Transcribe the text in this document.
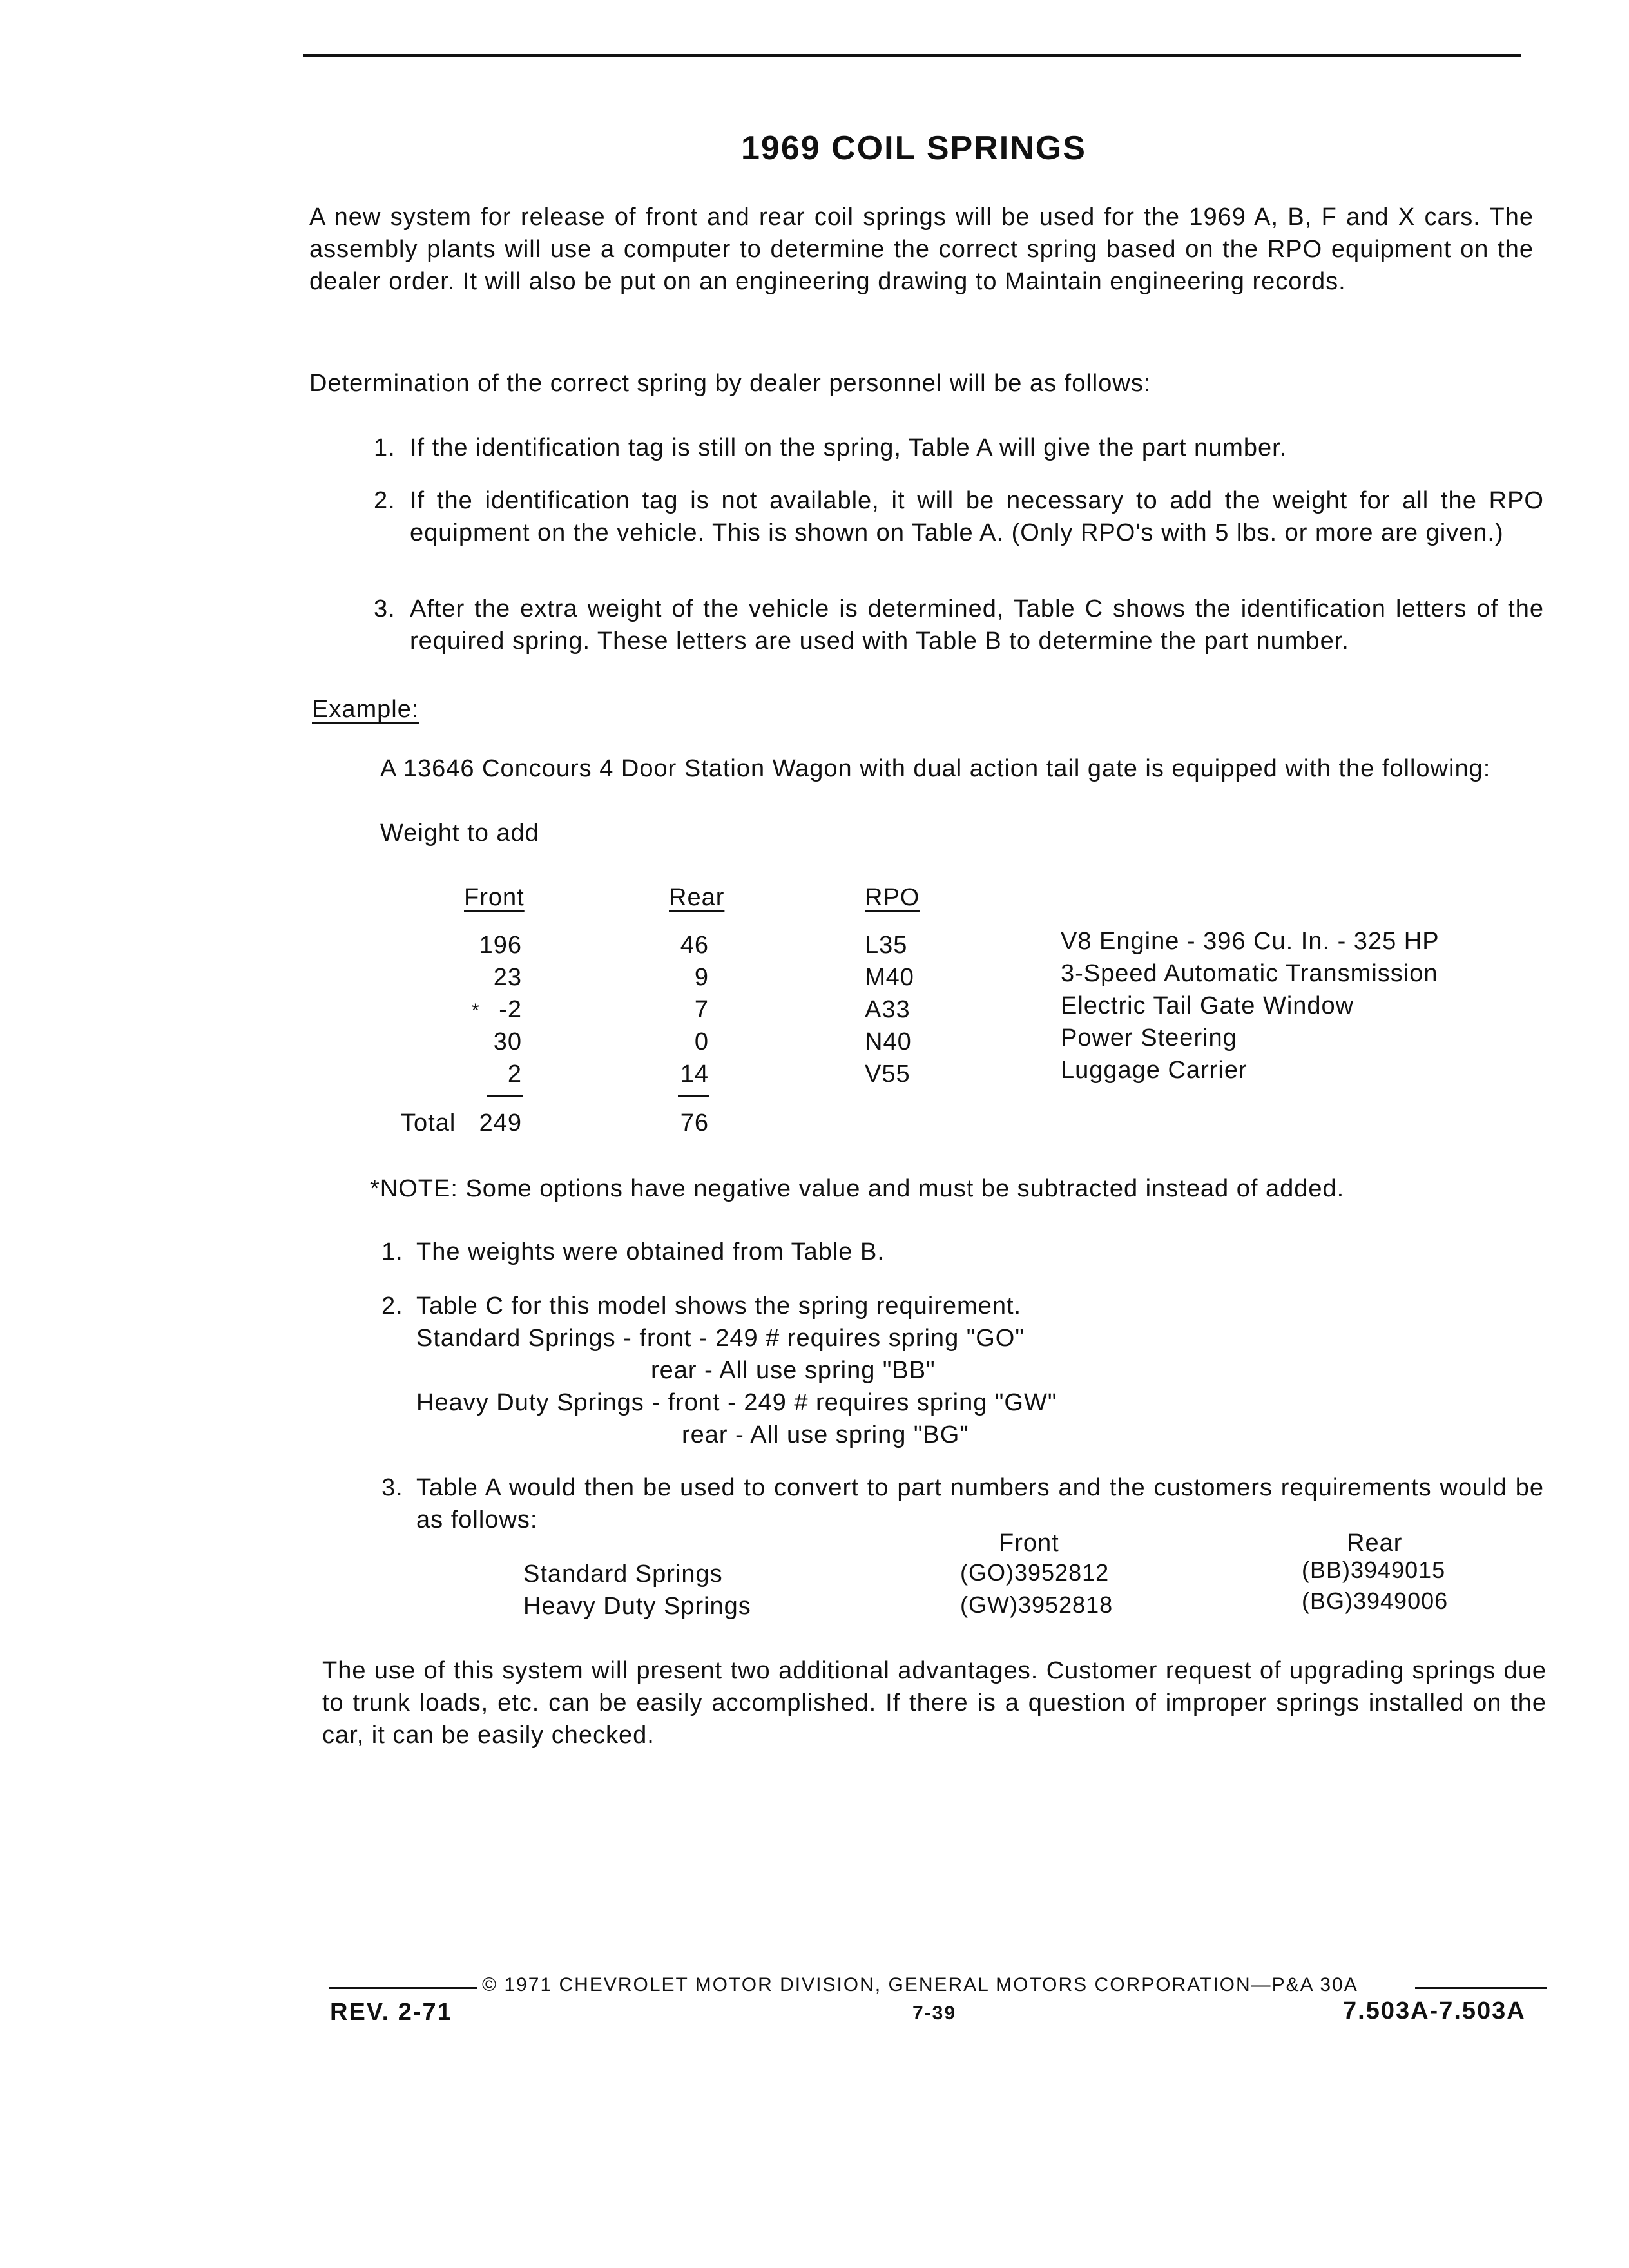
1969 COIL SPRINGS
A new system for release of front and rear coil springs will be used for the 1969 A, B, F and X cars. The assembly plants will use a computer to determine the correct spring based on the RPO equipment on the dealer order. It will also be put on an engineering drawing to Maintain engineering records.
Determination of the correct spring by dealer personnel will be as follows:
1. If the identification tag is still on the spring, Table A will give the part number.
2. If the identification tag is not available, it will be necessary to add the weight for all the RPO equipment on the vehicle. This is shown on Table A. (Only RPO's with 5 lbs. or more are given.)
3. After the extra weight of the vehicle is determined, Table C shows the identification letters of the required spring. These letters are used with Table B to determine the part number.
Example:
A 13646 Concours 4 Door Station Wagon with dual action tail gate is equipped with the following:
Weight to add
Front	Rear	RPO
196	46	L35	V8 Engine - 396 Cu. In. - 325 HP
23	9	M40	3-Speed Automatic Transmission
* -2	7	A33	Electric Tail Gate Window
30	0	N40	Power Steering
2	14	V55	Luggage Carrier
Total 249	76
*NOTE: Some options have negative value and must be subtracted instead of added.
1. The weights were obtained from Table B.
2. Table C for this model shows the spring requirement.
Standard Springs - front - 249 # requires spring "GO"
rear - All use spring "BB"
Heavy Duty Springs - front - 249 # requires spring "GW"
rear - All use spring "BG"
3. Table A would then be used to convert to part numbers and the customers requirements would be as follows:
Front	Rear
Standard Springs	(GO)3952812	(BB)3949015
Heavy Duty Springs	(GW)3952818	(BG)3949006
The use of this system will present two additional advantages. Customer request of upgrading springs due to trunk loads, etc. can be easily accomplished. If there is a question of improper springs installed on the car, it can be easily checked.
© 1971 CHEVROLET MOTOR DIVISION, GENERAL MOTORS CORPORATION—P&A 30A
REV. 2-71	7-39	7.503A-7.503A
